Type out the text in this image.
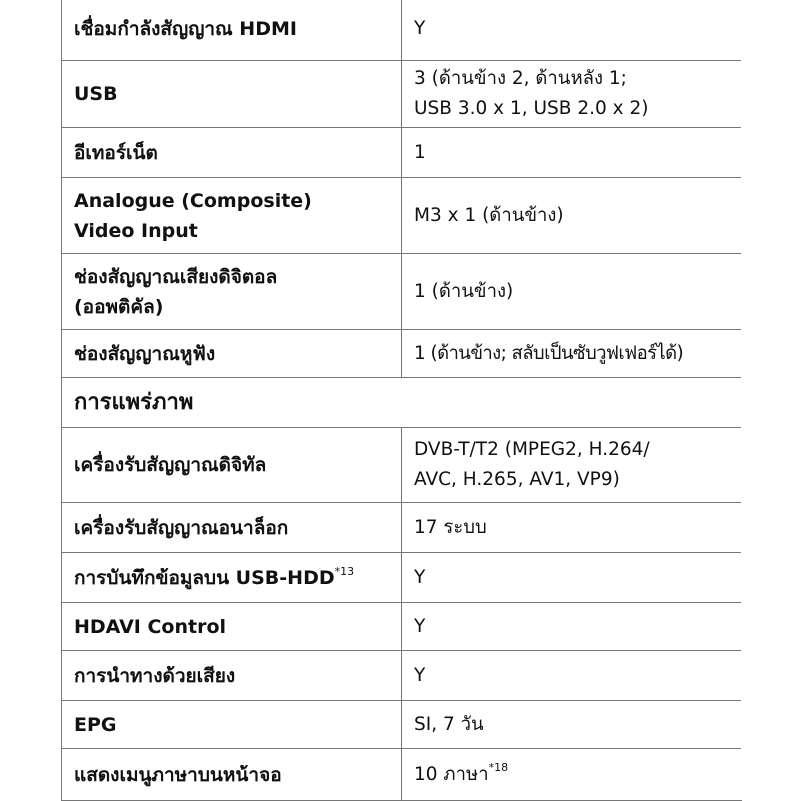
เชื่อมกำลังสัญญาณ HDMI	Y

USB	3 (ด้านข้าง 2, ด้านหลัง 1;
USB 3.0 x 1, USB 2.0 x 2)

อีเทอร์เน็ต	1

Analogue (Composite)
Video Input	M3 x 1 (ด้านข้าง)

ช่องสัญญาณเสียงดิจิตอล
(ออพติคัล)	1 (ด้านข้าง)

ช่องสัญญาณหูฟัง	1 (ด้านข้าง; สลับเป็นซับวูฟเฟอร์ได้)

การแพร่ภาพ	

เครื่องรับสัญญาณดิจิทัล	DVB-T/T2 (MPEG2, H.264/
AVC, H.265, AV1, VP9)

เครื่องรับสัญญาณอนาล็อก	17 ระบบ

การบันทึกข้อมูลบน USB-HDD$^{*13}$	Y

HDAVI Control	Y

การนำทางด้วยเสียง	Y

EPG	SI, 7 วัน

แสดงเมนูภาษาบนหน้าจอ	10 ภาษา$^{*18}$
